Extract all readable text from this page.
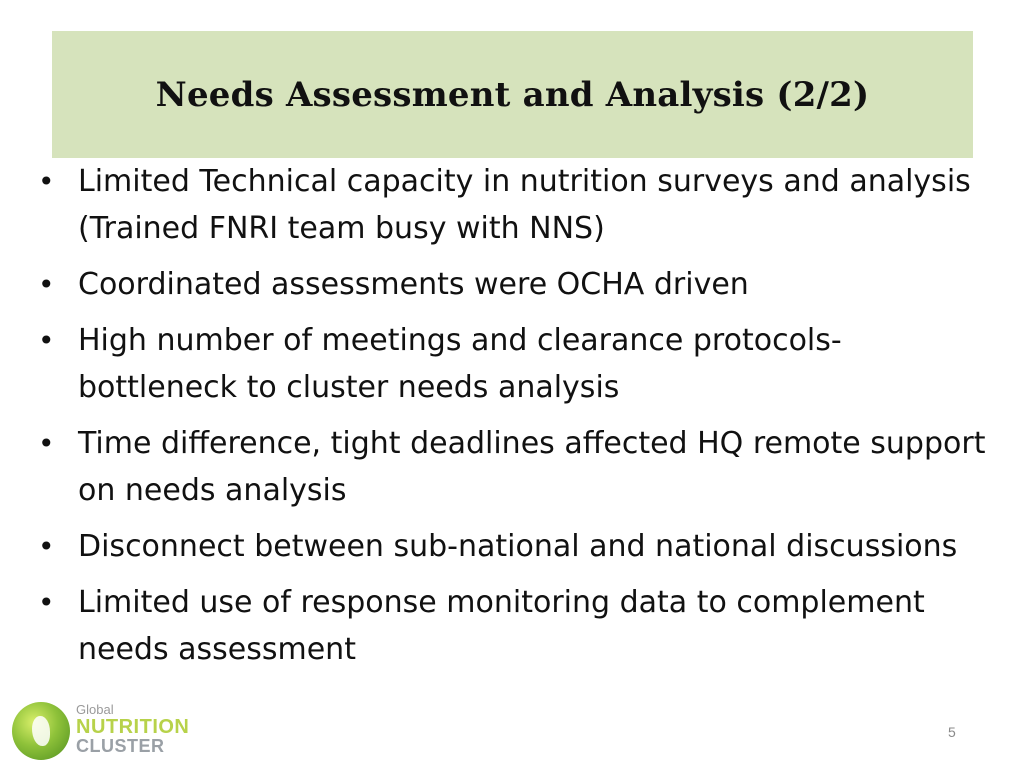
Needs Assessment and Analysis (2/2)
• Limited Technical capacity in nutrition surveys and analysis (Trained FNRI team busy with NNS)
• Coordinated assessments were OCHA driven
• High number of meetings and clearance protocols- bottleneck to cluster needs analysis
• Time difference, tight deadlines affected HQ remote support on needs analysis
• Disconnect between sub-national and national discussions
• Limited use of response monitoring data to complement needs assessment
Global
NUTRITION
CLUSTER
5
